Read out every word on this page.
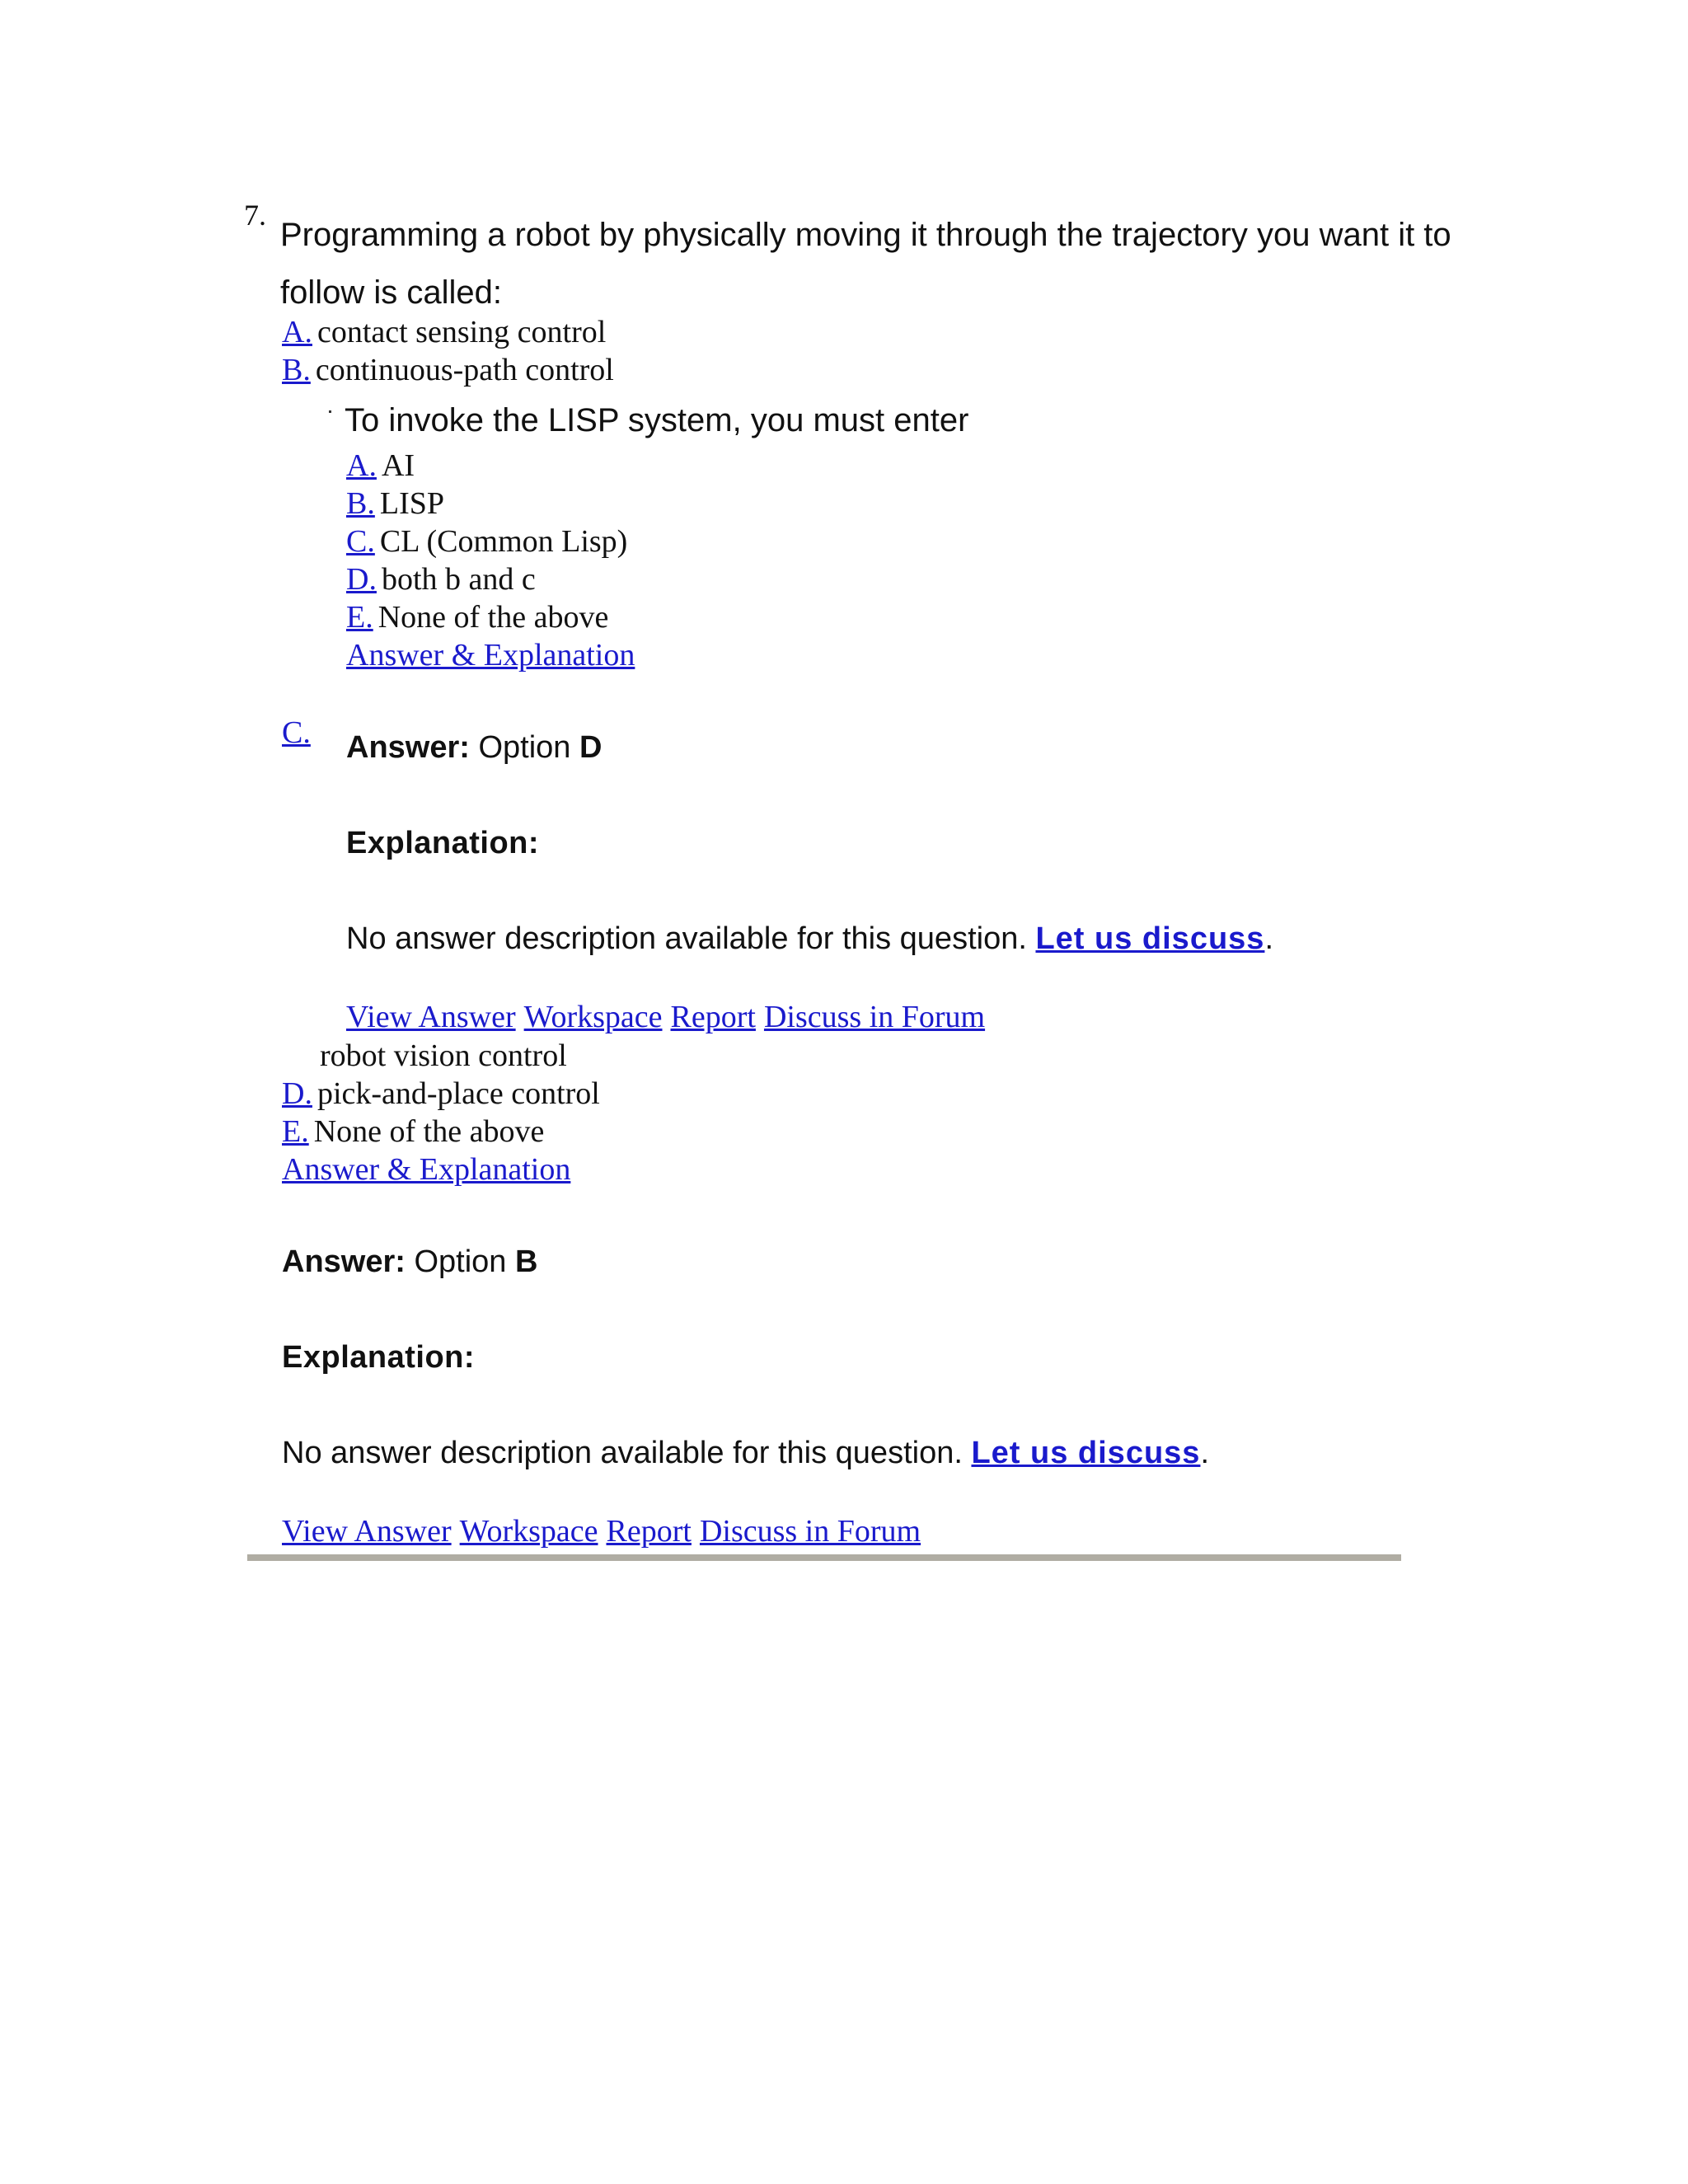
7.
Programming a robot by physically moving it through the trajectory you want it to
follow is called:
A. contact sensing control
B. continuous-path control
To invoke the LISP system, you must enter
A. AI
B. LISP
C. CL (Common Lisp)
D. both b and c
E. None of the above
Answer & Explanation
C. Answer: Option D
Explanation:
No answer description available for this question. Let us discuss.
View Answer Workspace Report Discuss in Forum
robot vision control
D. pick-and-place control
E. None of the above
Answer & Explanation
Answer: Option B
Explanation:
No answer description available for this question. Let us discuss.
View Answer Workspace Report Discuss in Forum
